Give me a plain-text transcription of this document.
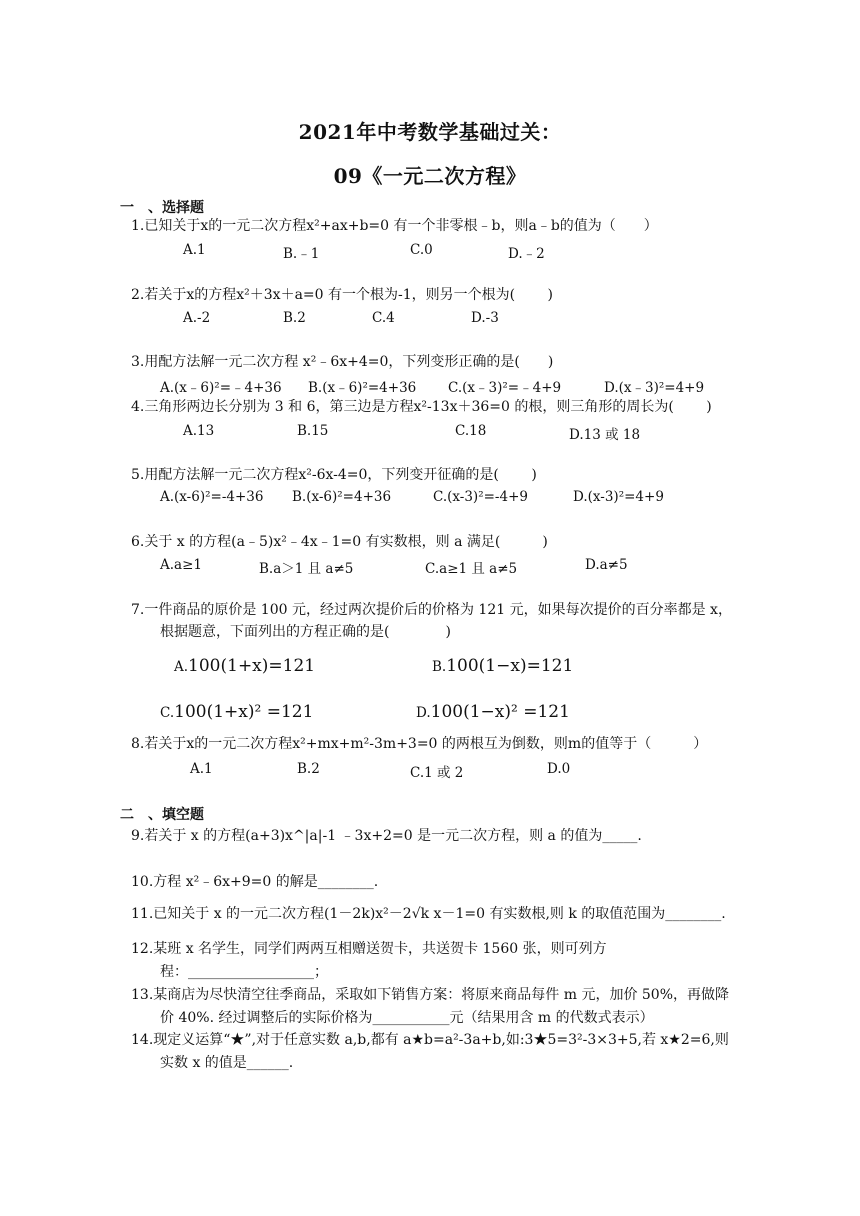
2021年中考数学基础过关：
09《一元二次方程》
一　、选择题
1.已知关于x的一元二次方程x²+ax+b=0 有一个非零根﹣b，则a﹣b的值为（　　）
A.1	B.﹣1	C.0	D.﹣2
2.若关于x的方程x²＋3x＋a=0 有一个根为-1，则另一个根为(　　 )
A.-2	B.2	C.4	D.-3
3.用配方法解一元二次方程 x²﹣6x+4=0，下列变形正确的是(　　)
A.(x﹣6)²=﹣4+36 B.(x﹣6)²=4+36 C.(x﹣3)²=﹣4+9	D.(x﹣3)²=4+9
4.三角形两边长分别为 3 和 6，第三边是方程x²-13x＋36=0 的根，则三角形的周长为(　　 )
A.13	B.15	C.18	D.13 或 18
5.用配方法解一元二次方程x²-6x-4=0，下列变开征确的是(　　 )
A.(x-6)²=-4+36 B.(x-6)²=4+36	C.(x-3)²=-4+9	D.(x-3)²=4+9
6.关于 x 的方程(a﹣5)x²﹣4x﹣1=0 有实数根，则 a 满足(　　　)
A.a≥1	B.a＞1 且 a≠5	C.a≥1 且 a≠5	D.a≠5
7.一件商品的原价是 100 元，经过两次提价后的价格为 121 元，如果每次提价的百分率都是 x，
根据题意，下面列出的方程正确的是(　　　　)
A.100(1+x)=121	B.100(1−x)=121
C.100(1+x)² =121	D.100(1−x)² =121
8.若关于x的一元二次方程x²+mx+m²-3m+3=0 的两根互为倒数，则m的值等于（　　　）
A.1	B.2	C.1 或 2	D.0
二　、填空题
9.若关于 x 的方程(a+3)x^|a|-1 ﹣3x+2=0 是一元二次方程，则 a 的值为_____.
10.方程 x²﹣6x+9=0 的解是________.
11.已知关于 x 的一元二次方程(1－2k)x²－2√k x－1=0 有实数根,则 k 的取值范围为________.
12.某班 x 名学生，同学们两两互相赠送贺卡，共送贺卡 1560 张，则可列方
程：__________________；
13.某商店为尽快清空往季商品，采取如下销售方案：将原来商品每件 m 元，加价 50%，再做降
价 40%. 经过调整后的实际价格为___________元（结果用含 m 的代数式表示）
14.现定义运算“★”,对于任意实数 a,b,都有 a★b=a²-3a+b,如:3★5=3²-3×3+5,若 x★2=6,则
实数 x 的值是______.
